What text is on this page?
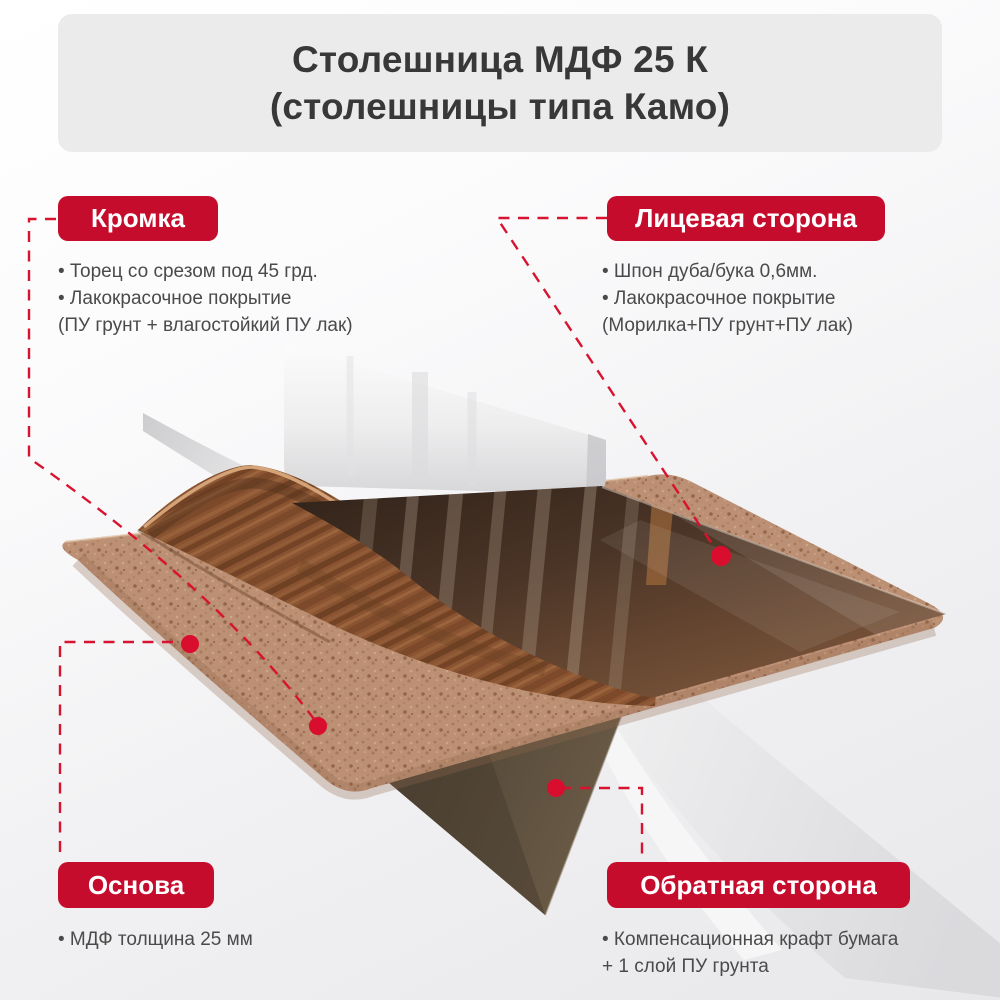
Столешница МДФ 25 К
(столешницы типа Камо)
Кромка	Лицевая сторона
Основа	Обратная сторона
• Торец со срезом под 45 грд.
• Лакокрасочное покрытие
(ПУ грунт + влагостойкий ПУ лак)
• Шпон дуба/бука 0,6мм.
• Лакокрасочное покрытие
(Морилка+ПУ грунт+ПУ лак)
• МДФ толщина 25 мм	• Компенсационная крафт бумага
+ 1 слой ПУ грунта
